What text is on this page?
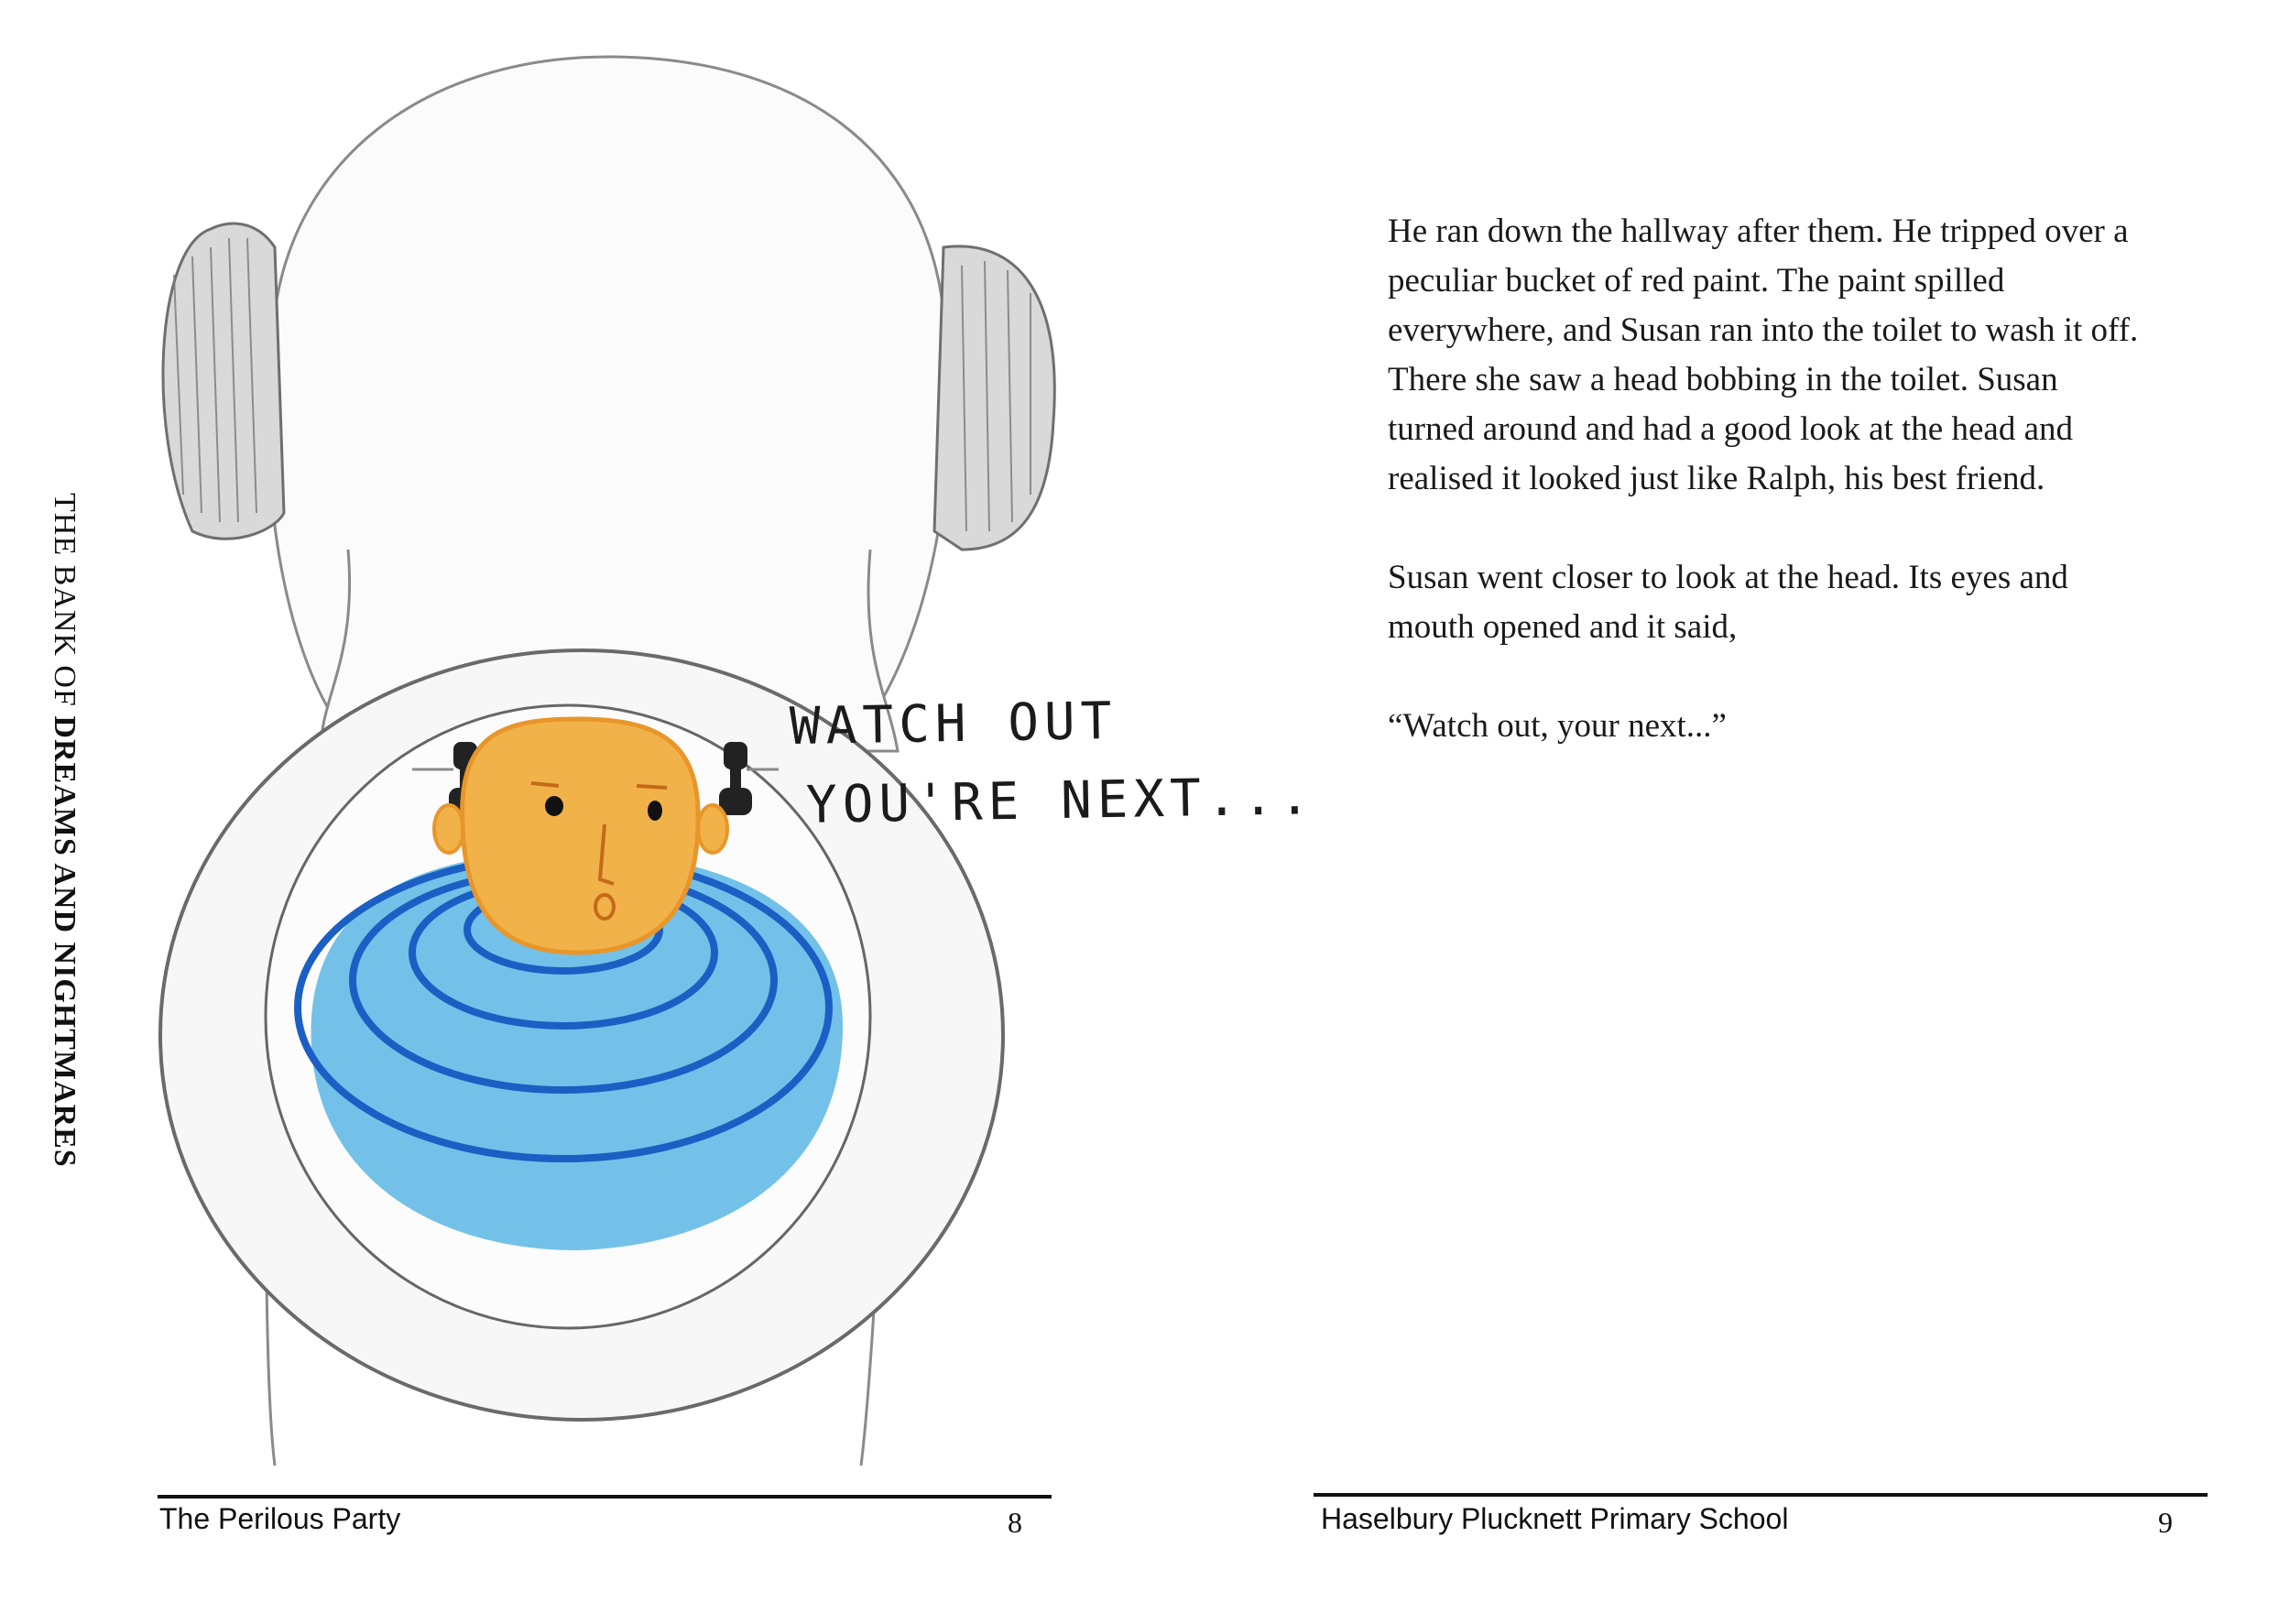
THE BANK OF DREAMS AND NIGHTMARES	WATCH OUT
YOU'RE NEXT...

He ran down the hallway after them. He tripped over a peculiar bucket of red paint. The paint spilled everywhere, and Susan ran into the toilet to wash it off. There she saw a head bobbing in the toilet. Susan turned around and had a good look at the head and realised it looked just like Ralph, his best friend.

Susan went closer to look at the head. Its eyes and mouth opened and it said,

“Watch out, your next...”

The Perilous Party	8	Haselbury Plucknett Primary School	9
